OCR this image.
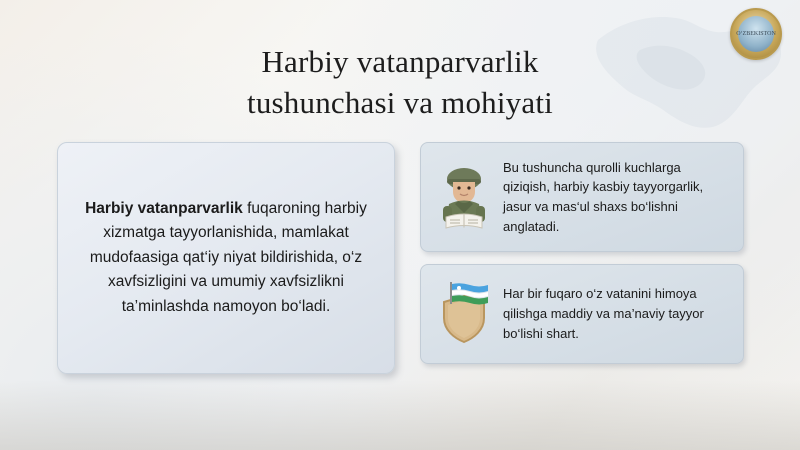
O‘ZBEKISTON
Harbiy vatanparvarlik
tushunchasi va mohiyati

Harbiy vatanparvarlik fuqaroning harbiy xizmatga tayyorlanishida, mamlakat mudofaasiga qat‘iy niyat bildirishida, o‘z xavfsizligini va umumiy xavfsizlikni ta’minlashda namoyon bo‘ladi.

Bu tushuncha qurolli kuchlarga qiziqish, harbiy kasbiy tayyorgarlik, jasur va mas‘ul shaxs bo‘lishni anglatadi.

Har bir fuqaro o‘z vatanini himoya qilishga maddiy va ma’naviy tayyor bo‘lishi shart.
